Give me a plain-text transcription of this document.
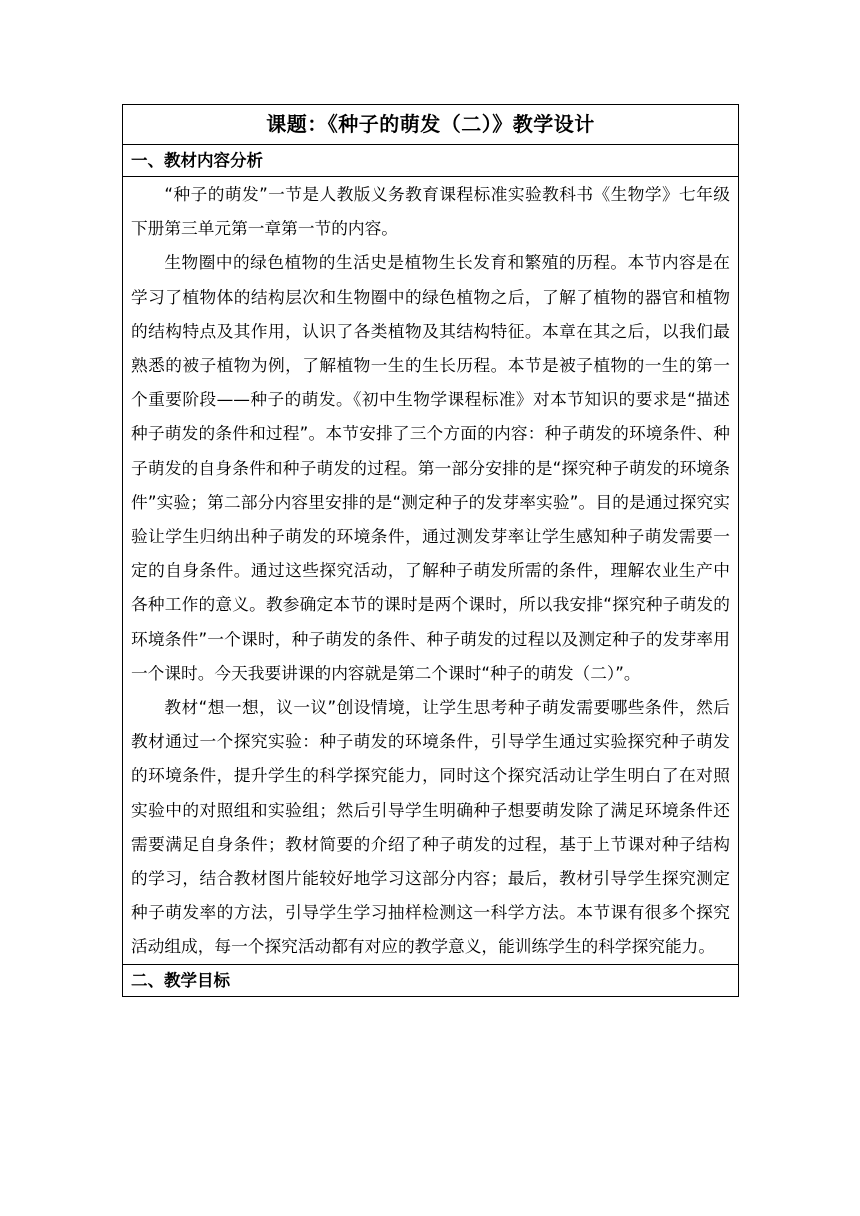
课题：《种子的萌发（二）》教学设计
一、教材内容分析

“种子的萌发”一节是人教版义务教育课程标准实验教科书《生物学》七年级下册第三单元第一章第一节的内容。

生物圈中的绿色植物的生活史是植物生长发育和繁殖的历程。本节内容是在学习了植物体的结构层次和生物圈中的绿色植物之后，了解了植物的器官和植物的结构特点及其作用，认识了各类植物及其结构特征。本章在其之后，以我们最熟悉的被子植物为例，了解植物一生的生长历程。本节是被子植物的一生的第一个重要阶段——种子的萌发。《初中生物学课程标准》对本节知识的要求是“描述种子萌发的条件和过程”。本节安排了三个方面的内容：种子萌发的环境条件、种子萌发的自身条件和种子萌发的过程。第一部分安排的是“探究种子萌发的环境条件”实验；第二部分内容里安排的是“测定种子的发芽率实验”。目的是通过探究实验让学生归纳出种子萌发的环境条件，通过测发芽率让学生感知种子萌发需要一定的自身条件。通过这些探究活动，了解种子萌发所需的条件，理解农业生产中各种工作的意义。教参确定本节的课时是两个课时，所以我安排“探究种子萌发的环境条件”一个课时，种子萌发的条件、种子萌发的过程以及测定种子的发芽率用一个课时。今天我要讲课的内容就是第二个课时“种子的萌发（二）”。

教材“想一想，议一议”创设情境，让学生思考种子萌发需要哪些条件，然后教材通过一个探究实验：种子萌发的环境条件，引导学生通过实验探究种子萌发的环境条件，提升学生的科学探究能力，同时这个探究活动让学生明白了在对照实验中的对照组和实验组；然后引导学生明确种子想要萌发除了满足环境条件还需要满足自身条件；教材简要的介绍了种子萌发的过程，基于上节课对种子结构的学习，结合教材图片能较好地学习这部分内容；最后，教材引导学生探究测定种子萌发率的方法，引导学生学习抽样检测这一科学方法。本节课有很多个探究活动组成，每一个探究活动都有对应的教学意义，能训练学生的科学探究能力。

二、教学目标
